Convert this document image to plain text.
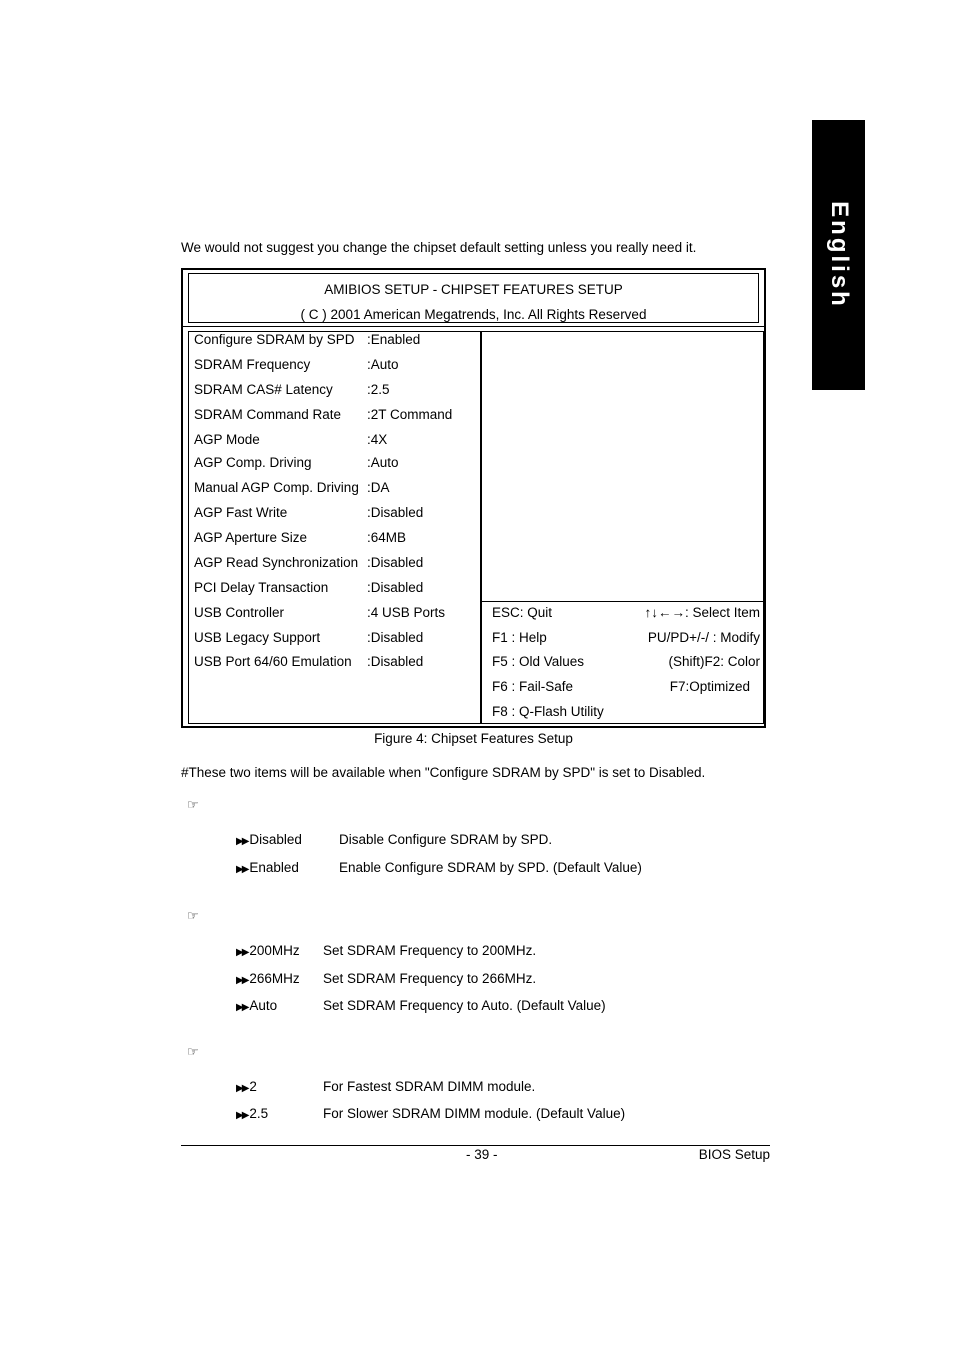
English
We would not suggest you change the chipset default setting unless you really need it.
AMIBIOS SETUP - CHIPSET FEATURES SETUP
( C ) 2001 American Megatrends, Inc. All Rights Reserved
Configure SDRAM by SPD :Enabled
SDRAM Frequency	:Auto
SDRAM CAS# Latency	:2.5
SDRAM Command Rate :2T Command
AGP Mode	:4X
AGP Comp. Driving	:Auto
Manual AGP Comp. Driving :DA
AGP Fast Write	:Disabled
AGP Aperture Size	:64MB
AGP Read Synchronization :Disabled
PCI Delay Transaction	:Disabled
USB Controller	:4 USB Ports
USB Legacy Support	:Disabled
USB Port 64/60 Emulation :Disabled
ESC: Quit	↑↓←→: Select Item
F1 : Help	PU/PD+/-/ : Modify
F5 : Old Values	(Shift)F2: Color
F6 : Fail-Safe	F7:Optimized
F8 : Q-Flash Utility
Figure 4: Chipset Features Setup
#These two items will be available when "Configure SDRAM by SPD" is set to Disabled.
☞
▶▶ Disabled	Disable Configure SDRAM by SPD.
▶▶ Enabled	Enable Configure SDRAM by SPD. (Default Value)
☞
▶▶ 200MHz Set SDRAM Frequency to 200MHz.
▶▶ 266MHz Set SDRAM Frequency to 266MHz.
▶▶ Auto	Set SDRAM Frequency to Auto. (Default Value)
☞
▶▶ 2	For Fastest SDRAM DIMM module.
▶▶ 2.5	For Slower SDRAM DIMM module. (Default Value)
- 39 -	BIOS Setup
